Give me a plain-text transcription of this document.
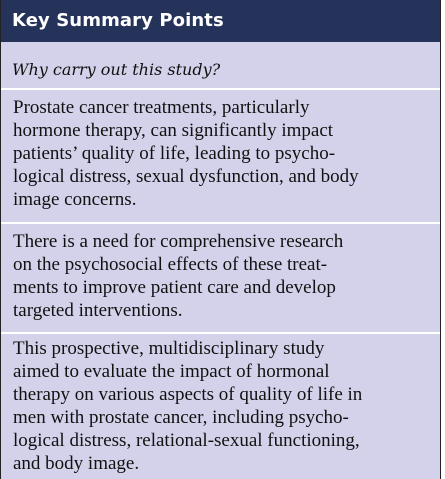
Key Summary Points
Why carry out this study?
Prostate cancer treatments, particularly
hormone therapy, can significantly impact
patients’ quality of life, leading to psycho-
logical distress, sexual dysfunction, and body
image concerns.
There is a need for comprehensive research
on the psychosocial effects of these treat-
ments to improve patient care and develop
targeted interventions.
This prospective, multidisciplinary study
aimed to evaluate the impact of hormonal
therapy on various aspects of quality of life in
men with prostate cancer, including psycho-
logical distress, relational-sexual functioning,
and body image.
